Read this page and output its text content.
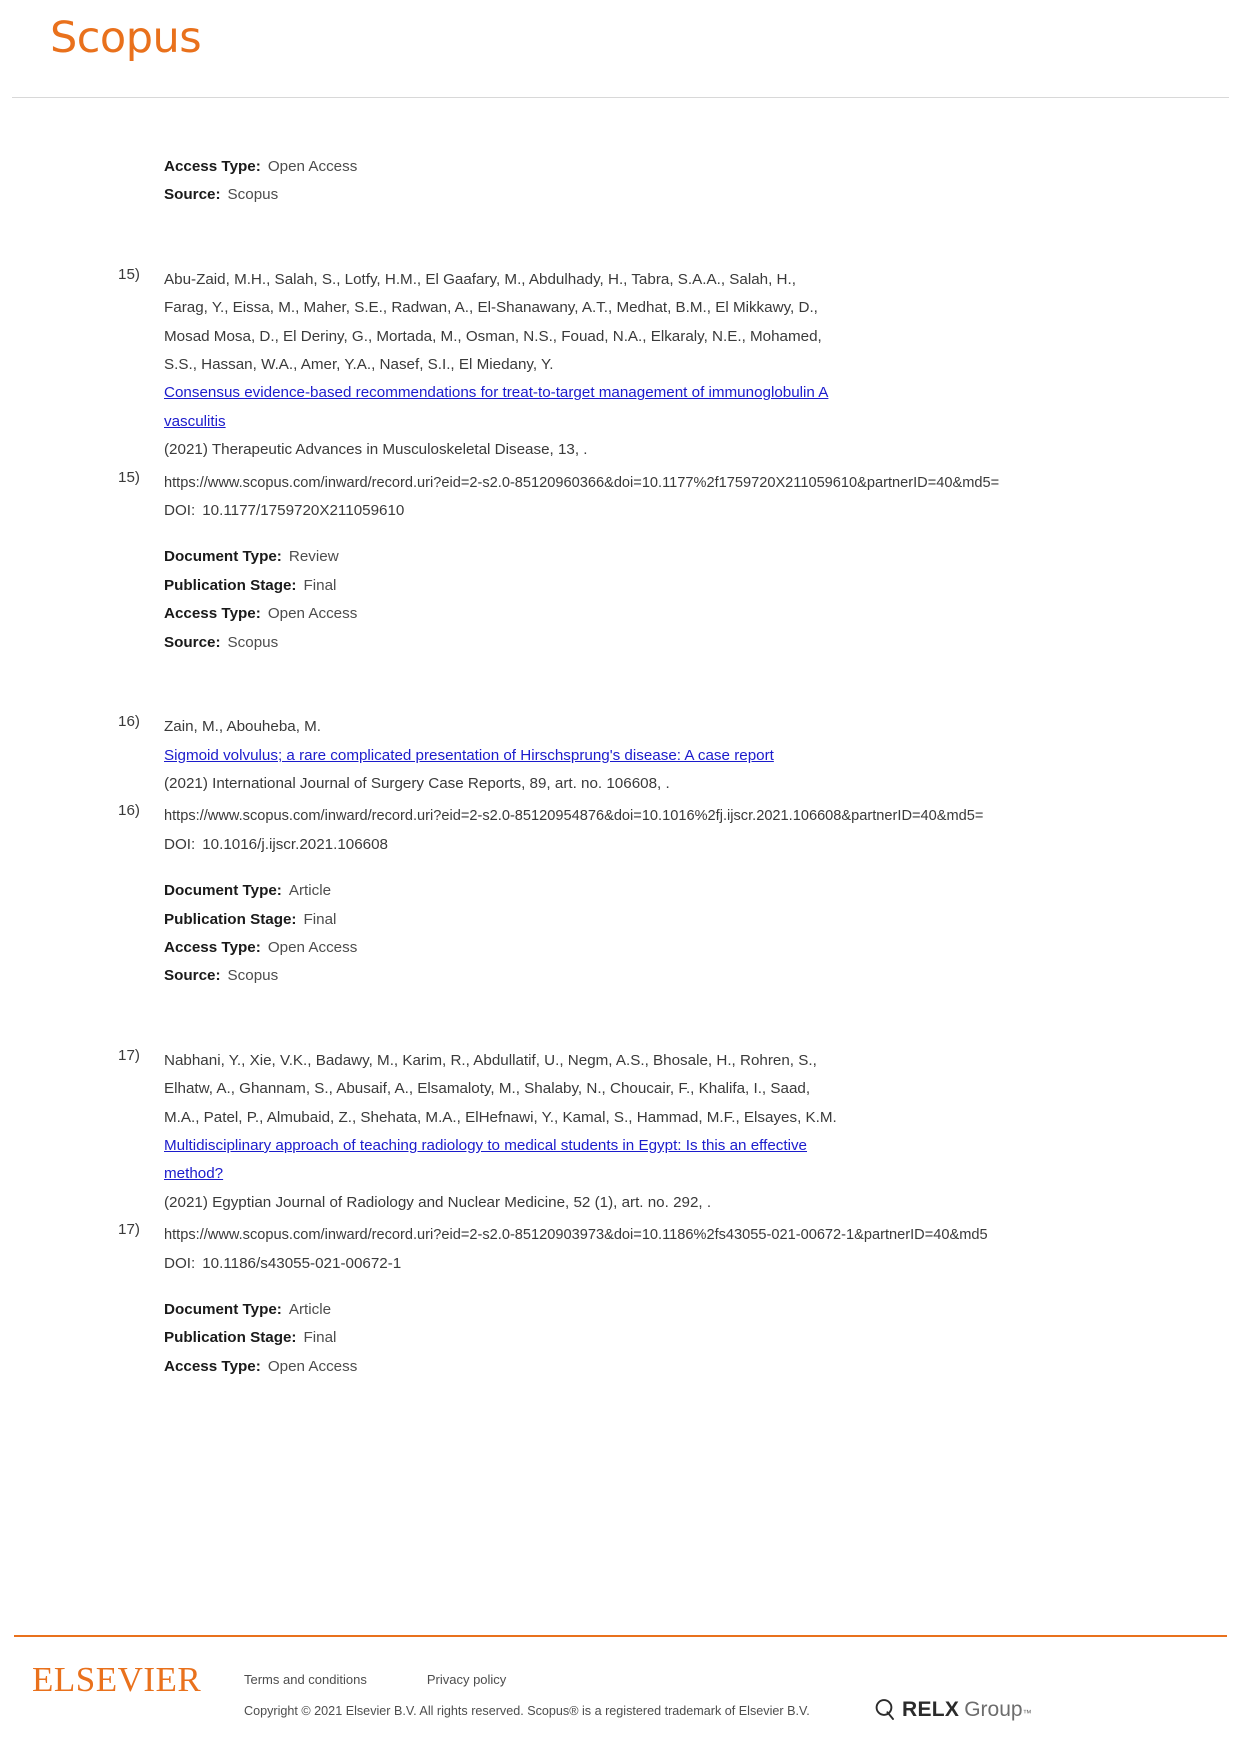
Scopus
Access Type: Open Access
Source: Scopus
15)	Abu-Zaid, M.H., Salah, S., Lotfy, H.M., El Gaafary, M., Abdulhady, H., Tabra, S.A.A., Salah, H.,
Farag, Y., Eissa, M., Maher, S.E., Radwan, A., El-Shanawany, A.T., Medhat, B.M., El Mikkawy, D.,
Mosad Mosa, D., El Deriny, G., Mortada, M., Osman, N.S., Fouad, N.A., Elkaraly, N.E., Mohamed,
S.S., Hassan, W.A., Amer, Y.A., Nasef, S.I., El Miedany, Y.
Consensus evidence-based recommendations for treat-to-target management of immunoglobulin A
vasculitis
(2021) Therapeutic Advances in Musculoskeletal Disease, 13, .
15)	https://www.scopus.com/inward/record.uri?eid=2-s2.0-85120960366&doi=10.1177%2f1759720X211059610&partnerID=40&md5=
DOI: 10.1177/1759720X211059610
Document Type: Review
Publication Stage: Final
Access Type: Open Access
Source: Scopus
16)	Zain, M., Abouheba, M.
Sigmoid volvulus; a rare complicated presentation of Hirschsprung's disease: A case report
(2021) International Journal of Surgery Case Reports, 89, art. no. 106608, .
16)	https://www.scopus.com/inward/record.uri?eid=2-s2.0-85120954876&doi=10.1016%2fj.ijscr.2021.106608&partnerID=40&md5=
DOI: 10.1016/j.ijscr.2021.106608
Document Type: Article
Publication Stage: Final
Access Type: Open Access
Source: Scopus
17)	Nabhani, Y., Xie, V.K., Badawy, M., Karim, R., Abdullatif, U., Negm, A.S., Bhosale, H., Rohren, S.,
Elhatw, A., Ghannam, S., Abusaif, A., Elsamaloty, M., Shalaby, N., Choucair, F., Khalifa, I., Saad,
M.A., Patel, P., Almubaid, Z., Shehata, M.A., ElHefnawi, Y., Kamal, S., Hammad, M.F., Elsayes, K.M.
Multidisciplinary approach of teaching radiology to medical students in Egypt: Is this an effective
method?
(2021) Egyptian Journal of Radiology and Nuclear Medicine, 52 (1), art. no. 292, .
17)	https://www.scopus.com/inward/record.uri?eid=2-s2.0-85120903973&doi=10.1186%2fs43055-021-00672-1&partnerID=40&md5
DOI: 10.1186/s43055-021-00672-1
Document Type: Article
Publication Stage: Final
Access Type: Open Access
ELSEVIER	Terms and conditions	Privacy policy
Copyright © 2021 Elsevier B.V. All rights reserved. Scopus® is a registered trademark of Elsevier B.V.	RELX Group ™
